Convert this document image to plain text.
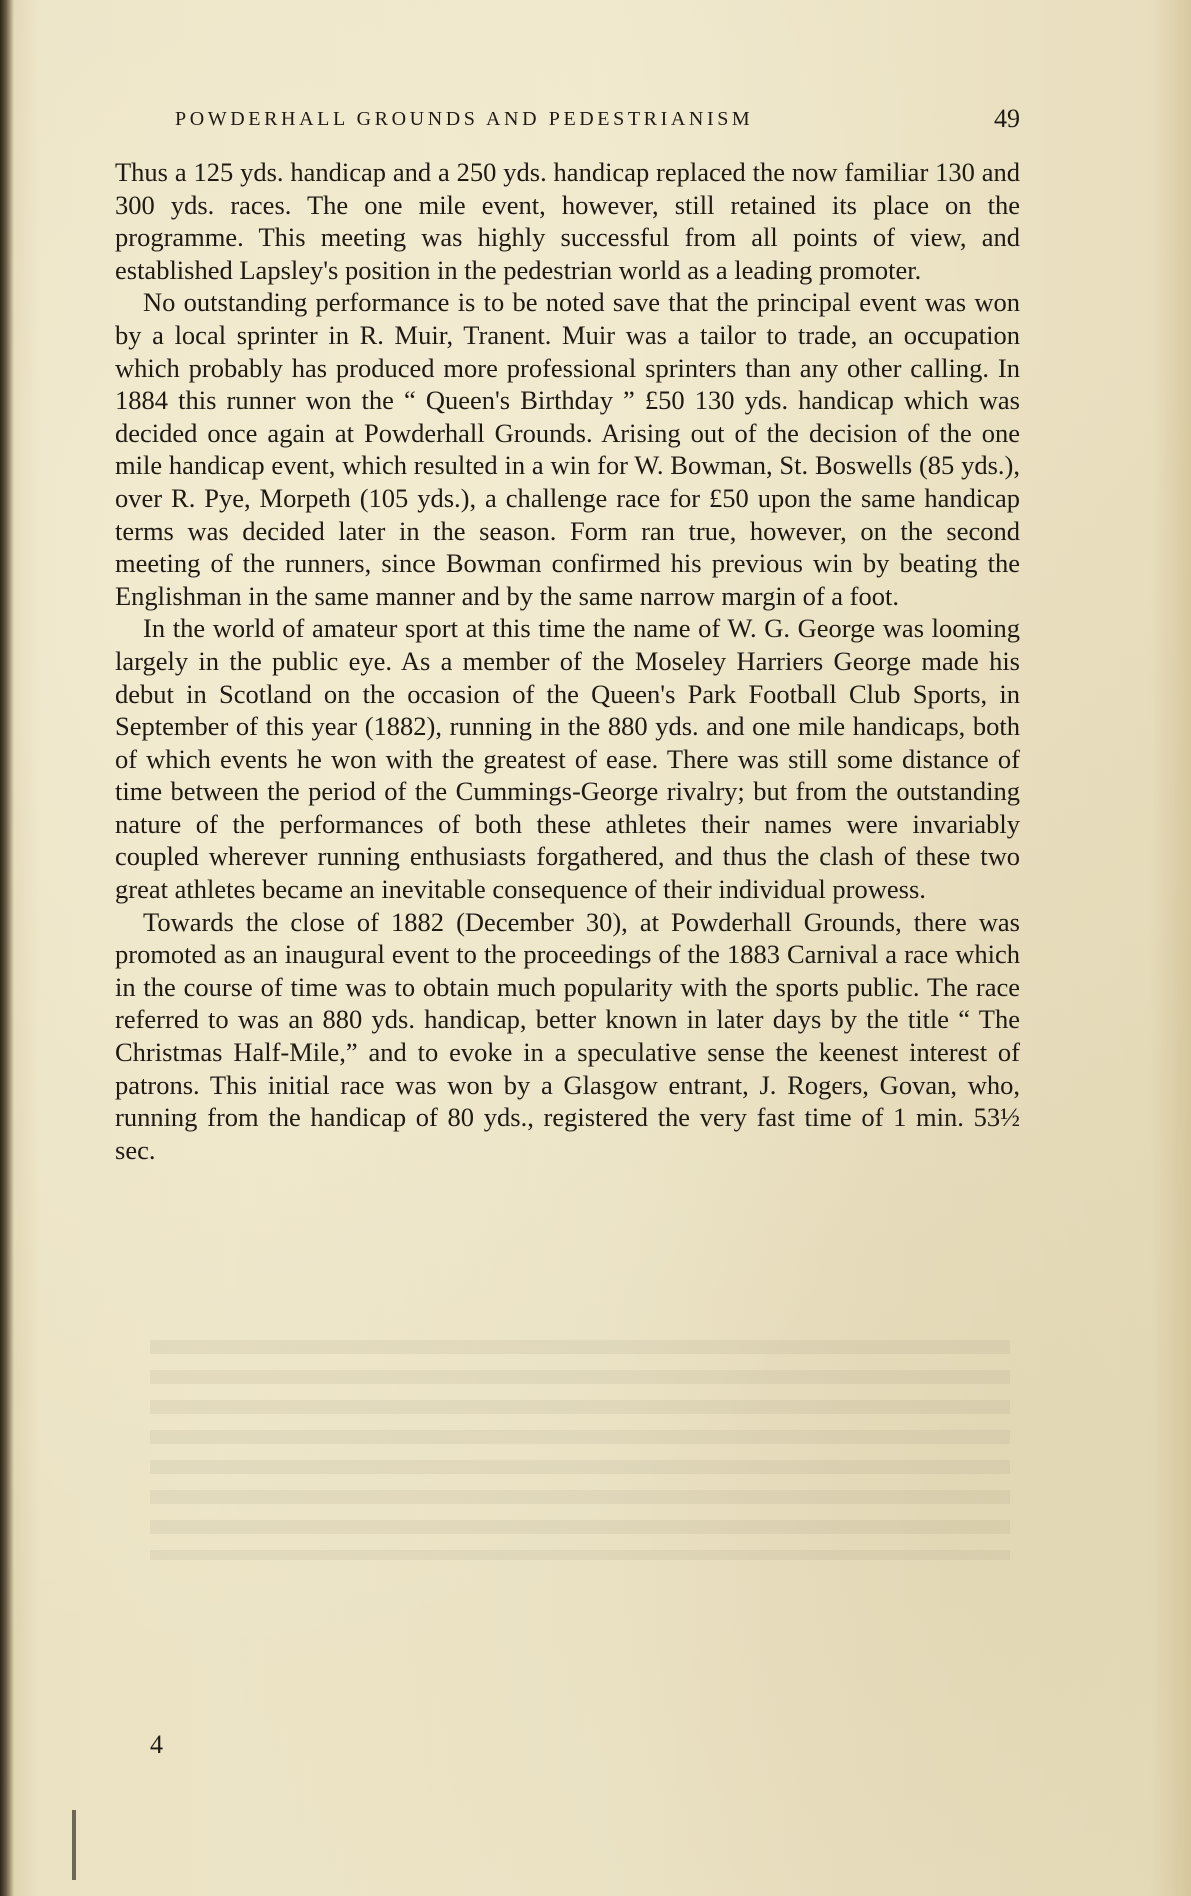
POWDERHALL GROUNDS AND PEDESTRIANISM	49

Thus a 125 yds. handicap and a 250 yds. handicap replaced the now familiar 130 and 300 yds. races. The one mile event, however, still retained its place on the programme. This meeting was highly successful from all points of view, and established Lapsley's position in the pedestrian world as a leading promoter.

No outstanding performance is to be noted save that the principal event was won by a local sprinter in R. Muir, Tranent. Muir was a tailor to trade, an occupation which probably has produced more professional sprinters than any other calling. In 1884 this runner won the “ Queen's Birthday ” £50 130 yds. handicap which was decided once again at Powderhall Grounds. Arising out of the decision of the one mile handicap event, which resulted in a win for W. Bowman, St. Boswells (85 yds.), over R. Pye, Morpeth (105 yds.), a challenge race for £50 upon the same handicap terms was decided later in the season. Form ran true, however, on the second meeting of the runners, since Bowman confirmed his previous win by beating the Englishman in the same manner and by the same narrow margin of a foot.

In the world of amateur sport at this time the name of W. G. George was looming largely in the public eye. As a member of the Moseley Harriers George made his debut in Scotland on the occasion of the Queen's Park Football Club Sports, in September of this year (1882), running in the 880 yds. and one mile handicaps, both of which events he won with the greatest of ease. There was still some distance of time between the period of the Cummings-George rivalry; but from the outstanding nature of the performances of both these athletes their names were invariably coupled wherever running enthusiasts forgathered, and thus the clash of these two great athletes became an inevitable consequence of their individual prowess.

Towards the close of 1882 (December 30), at Powderhall Grounds, there was promoted as an inaugural event to the proceedings of the 1883 Carnival a race which in the course of time was to obtain much popularity with the sports public. The race referred to was an 880 yds. handicap, better known in later days by the title “ The Christmas Half-Mile,” and to evoke in a speculative sense the keenest interest of patrons. This initial race was won by a Glasgow entrant, J. Rogers, Govan, who, running from the handicap of 80 yds., registered the very fast time of 1 min. 53½ sec.

4
